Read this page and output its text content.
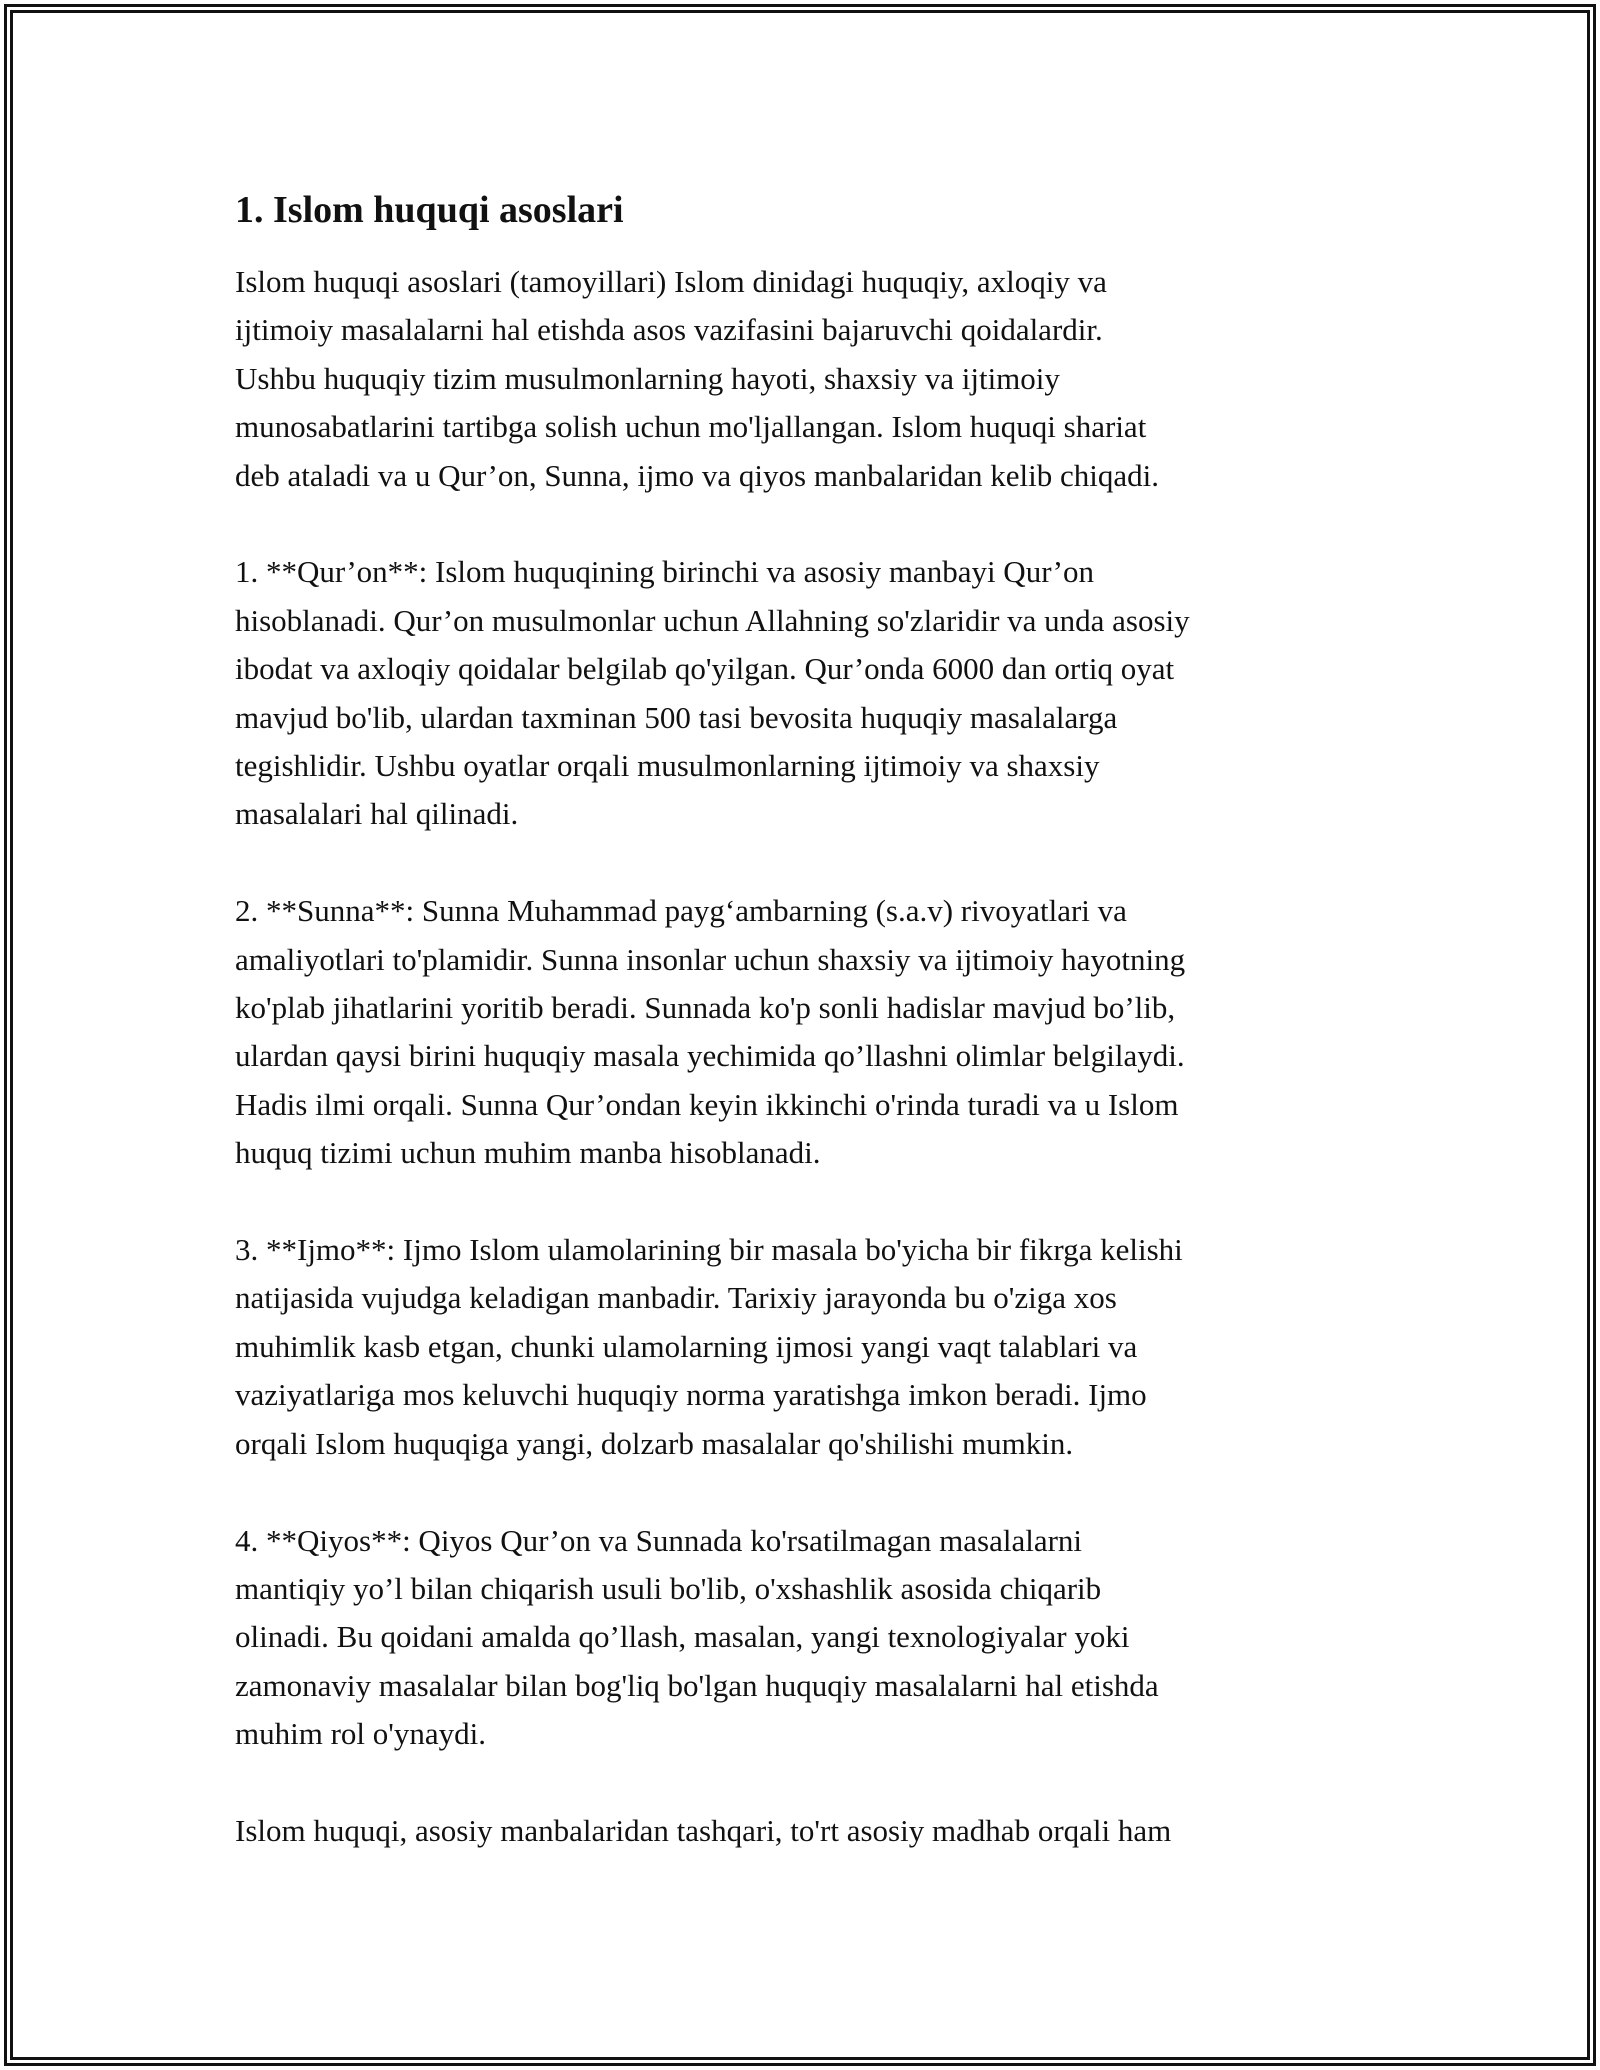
1. Islom huquqi asoslari

Islom huquqi asoslari (tamoyillari) Islom dinidagi huquqiy, axloqiy va
ijtimoiy masalalarni hal etishda asos vazifasini bajaruvchi qoidalardir.
Ushbu huquqiy tizim musulmonlarning hayoti, shaxsiy va ijtimoiy
munosabatlarini tartibga solish uchun mo'ljallangan. Islom huquqi shariat
deb ataladi va u Qur’on, Sunna, ijmo va qiyos manbalaridan kelib chiqadi.

1. **Qur’on**: Islom huquqining birinchi va asosiy manbayi Qur’on
hisoblanadi. Qur’on musulmonlar uchun Allahning so'zlaridir va unda asosiy
ibodat va axloqiy qoidalar belgilab qo'yilgan. Qur’onda 6000 dan ortiq oyat
mavjud bo'lib, ulardan taxminan 500 tasi bevosita huquqiy masalalarga
tegishlidir. Ushbu oyatlar orqali musulmonlarning ijtimoiy va shaxsiy
masalalari hal qilinadi.

2. **Sunna**: Sunna Muhammad payg‘ambarning (s.a.v) rivoyatlari va
amaliyotlari to'plamidir. Sunna insonlar uchun shaxsiy va ijtimoiy hayotning
ko'plab jihatlarini yoritib beradi. Sunnada ko'p sonli hadislar mavjud bo’lib,
ulardan qaysi birini huquqiy masala yechimida qo’llashni olimlar belgilaydi.
Hadis ilmi orqali. Sunna Qur’ondan keyin ikkinchi o'rinda turadi va u Islom
huquq tizimi uchun muhim manba hisoblanadi.

3. **Ijmo**: Ijmo Islom ulamolarining bir masala bo'yicha bir fikrga kelishi
natijasida vujudga keladigan manbadir. Tarixiy jarayonda bu o'ziga xos
muhimlik kasb etgan, chunki ulamolarning ijmosi yangi vaqt talablari va
vaziyatlariga mos keluvchi huquqiy norma yaratishga imkon beradi. Ijmo
orqali Islom huquqiga yangi, dolzarb masalalar qo'shilishi mumkin.

4. **Qiyos**: Qiyos Qur’on va Sunnada ko'rsatilmagan masalalarni
mantiqiy yo’l bilan chiqarish usuli bo'lib, o'xshashlik asosida chiqarib
olinadi. Bu qoidani amalda qo’llash, masalan, yangi texnologiyalar yoki
zamonaviy masalalar bilan bog'liq bo'lgan huquqiy masalalarni hal etishda
muhim rol o'ynaydi.

Islom huquqi, asosiy manbalaridan tashqari, to'rt asosiy madhab orqali ham
